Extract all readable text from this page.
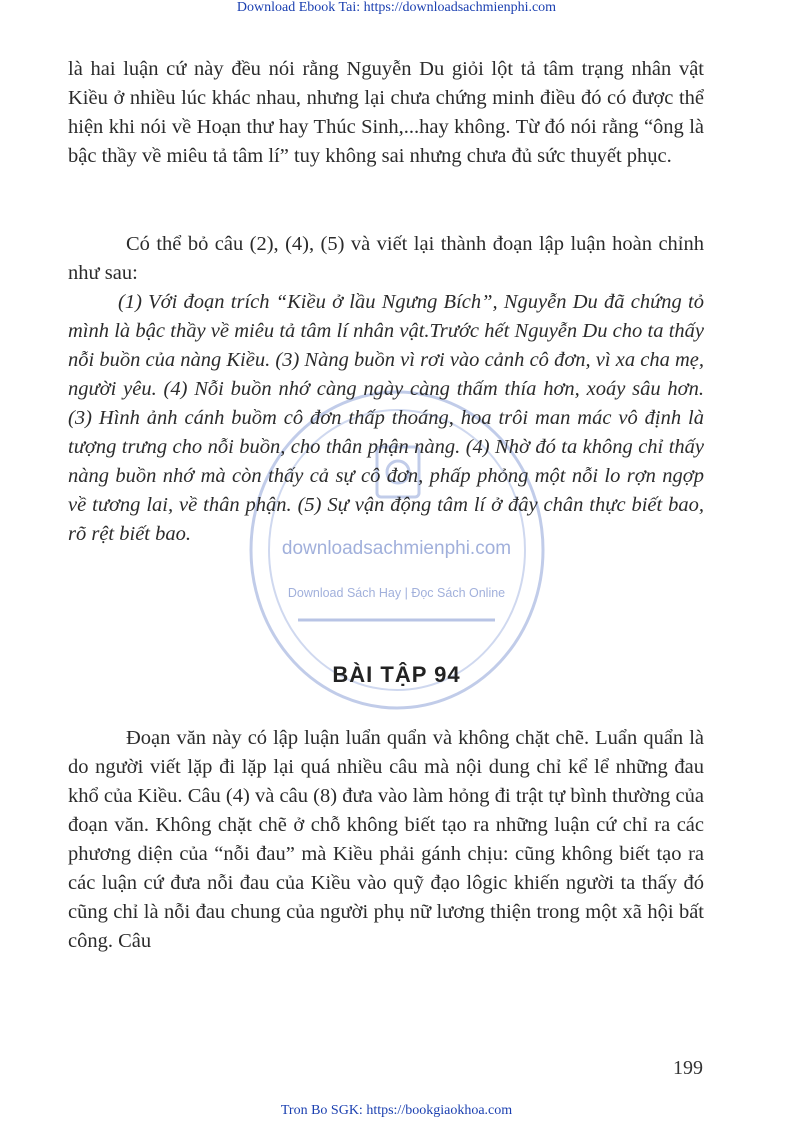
Download Ebook Tai: https://downloadsachmienphi.com
downloadsachmienphi.com
Download Sách Hay | Đọc Sách Online
là hai luận cứ này đều nói rằng Nguyễn Du giỏi lột tả tâm trạng nhân vật Kiều ở nhiều lúc khác nhau, nhưng lại chưa chứng minh điều đó có được thể hiện khi nói về Hoạn thư hay Thúc Sinh,...hay không. Từ đó nói rằng “ông là bậc thầy về miêu tả tâm lí” tuy không sai nhưng chưa đủ sức thuyết phục.
Có thể bỏ câu (2), (4), (5) và viết lại thành đoạn lập luận hoàn chỉnh như sau:
(1) Với đoạn trích “Kiều ở lầu Ngưng Bích”, Nguyễn Du đã chứng tỏ mình là bậc thầy về miêu tả tâm lí nhân vật.Trước hết Nguyễn Du cho ta thấy nỗi buồn của nàng Kiều. (3) Nàng buồn vì rơi vào cảnh cô đơn, vì xa cha mẹ, người yêu. (4) Nỗi buồn nhớ càng ngày càng thấm thía hơn, xoáy sâu hơn. (3) Hình ảnh cánh buồm cô đơn thấp thoáng, hoa trôi man mác vô định là tượng trưng cho nỗi buồn, cho thân phận nàng. (4) Nhờ đó ta không chỉ thấy nàng buồn nhớ mà còn thấy cả sự cô đơn, phấp phỏng một nỗi lo rợn ngợp về tương lai, về thân phận. (5) Sự vận động tâm lí ở đây chân thực biết bao, rõ rệt biết bao.
BÀI TẬP 94
Đoạn văn này có lập luận luẩn quẩn và không chặt chẽ. Luẩn quẩn là do người viết lặp đi lặp lại quá nhiều câu mà nội dung chỉ kể lể những đau khổ của Kiều. Câu (4) và câu (8) đưa vào làm hỏng đi trật tự bình thường của đoạn văn. Không chặt chẽ ở chỗ không biết tạo ra những luận cứ chỉ ra các phương diện của “nỗi đau” mà Kiều phải gánh chịu: cũng không biết tạo ra các luận cứ đưa nỗi đau của Kiều vào quỹ đạo lôgic khiến người ta thấy đó cũng chỉ là nỗi đau chung của người phụ nữ lương thiện trong một xã hội bất công. Câu
199
Tron Bo SGK: https://bookgiaokhoa.com
